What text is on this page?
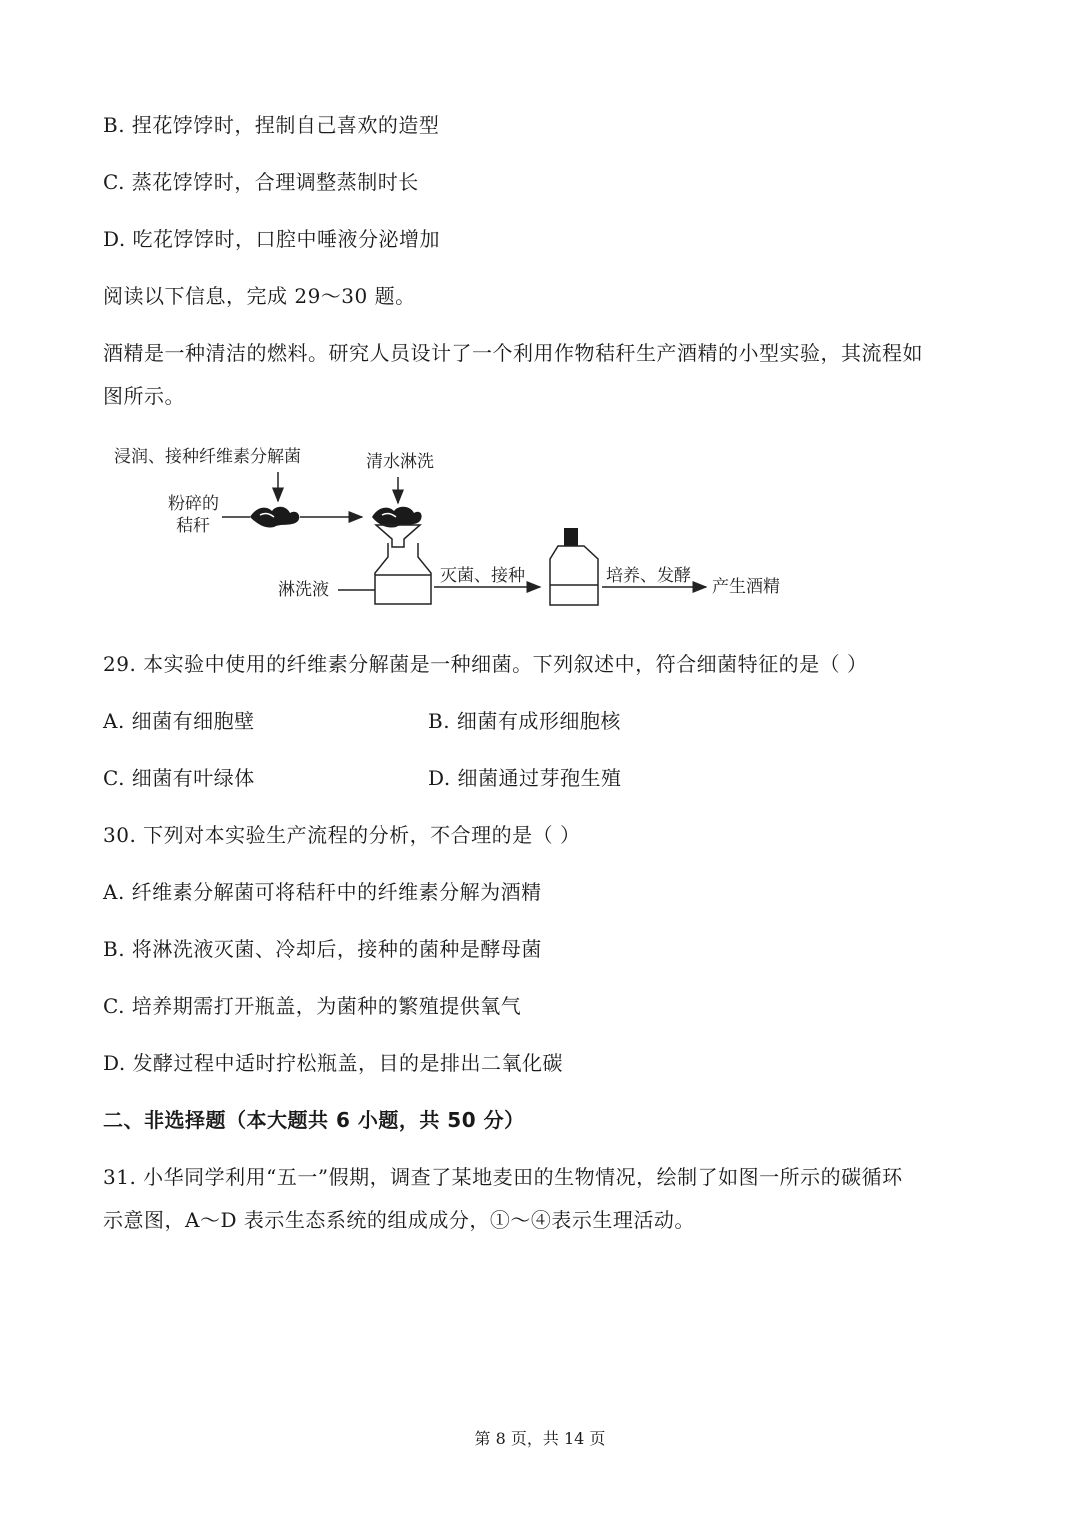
B. 捏花饽饽时，捏制自己喜欢的造型
C. 蒸花饽饽时，合理调整蒸制时长
D. 吃花饽饽时，口腔中唾液分泌增加
阅读以下信息，完成 29～30 题。
酒精是一种清洁的燃料。研究人员设计了一个利用作物秸秆生产酒精的小型实验，其流程如
图所示。
浸润、接种纤维素分解菌	清水淋洗
粉碎的
秸秆
淋洗液
灭菌、接种	培养、发酵
产生酒精
29. 本实验中使用的纤维素分解菌是一种细菌。下列叙述中，符合细菌特征的是（ ）
A. 细菌有细胞壁	B. 细菌有成形细胞核
C. 细菌有叶绿体	D. 细菌通过芽孢生殖
30. 下列对本实验生产流程的分析，不合理的是（ ）
A. 纤维素分解菌可将秸秆中的纤维素分解为酒精
B. 将淋洗液灭菌、冷却后，接种的菌种是酵母菌
C. 培养期需打开瓶盖，为菌种的繁殖提供氧气
D. 发酵过程中适时拧松瓶盖，目的是排出二氧化碳
二、非选择题（本大题共 6 小题，共 50 分）
31. 小华同学利用“五一”假期，调查了某地麦田的生物情况，绘制了如图一所示的碳循环
示意图，A～D 表示生态系统的组成成分，①～④表示生理活动。
第 8 页，共 14 页
